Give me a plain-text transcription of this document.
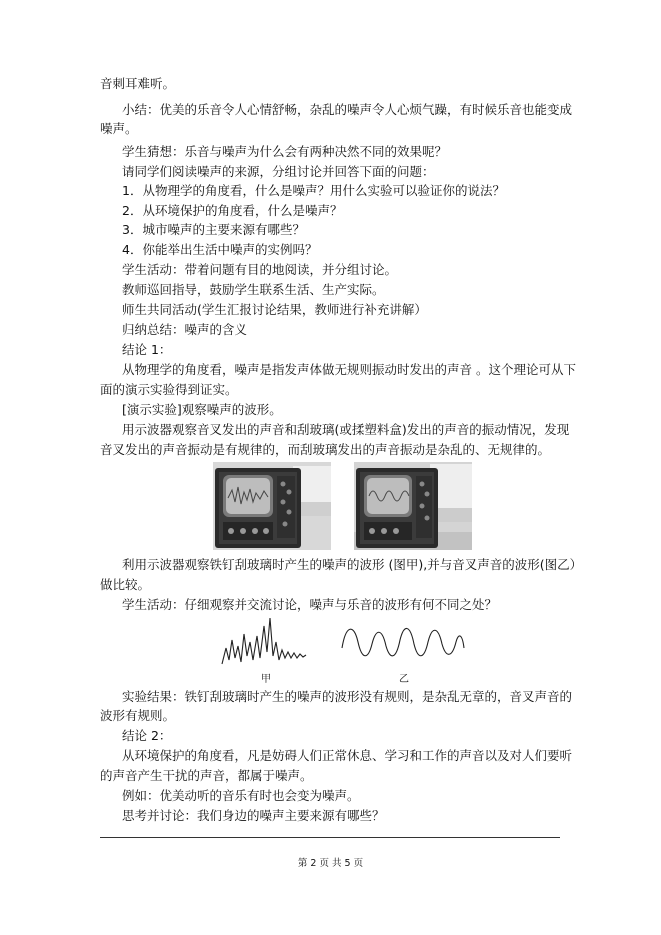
音刺耳难听。
小结：优美的乐音令人心情舒畅，杂乱的噪声令人心烦气躁，有时候乐音也能变成
噪声。
学生猜想：乐音与噪声为什么会有两种决然不同的效果呢？
请同学们阅读噪声的来源，分组讨论并回答下面的问题：
1．从物理学的角度看，什么是噪声？用什么实验可以验证你的说法？
2．从环境保护的角度看，什么是噪声？
3．城市噪声的主要来源有哪些？
4．你能举出生活中噪声的实例吗？
学生活动：带着问题有目的地阅读，并分组讨论。
教师巡回指导，鼓励学生联系生活、生产实际。
师生共同活动(学生汇报讨论结果，教师进行补充讲解）
归纳总结：噪声的含义
结论 1：
从物理学的角度看，噪声是指发声体做无规则振动时发出的声音 。这个理论可从下
面的演示实验得到证实。
[演示实验]观察噪声的波形。
用示波器观察音叉发出的声音和刮玻璃(或揉塑料盒)发出的声音的振动情况，发现
音叉发出的声音振动是有规律的，而刮玻璃发出的声音振动是杂乱的、无规律的。
利用示波器观察铁钉刮玻璃时产生的噪声的波形 (图甲),并与音叉声音的波形(图乙）
做比较。
学生活动：仔细观察并交流讨论，噪声与乐音的波形有何不同之处？
甲	乙
实验结果：铁钉刮玻璃时产生的噪声的波形没有规则，是杂乱无章的，音叉声音的
波形有规则。
结论 2：
从环境保护的角度看，凡是妨碍人们正常休息、学习和工作的声音以及对人们要听
的声音产生干扰的声音，都属于噪声。
例如：优美动听的音乐有时也会变为噪声。
思考并讨论：我们身边的噪声主要来源有哪些？
第 2 页 共 5 页
